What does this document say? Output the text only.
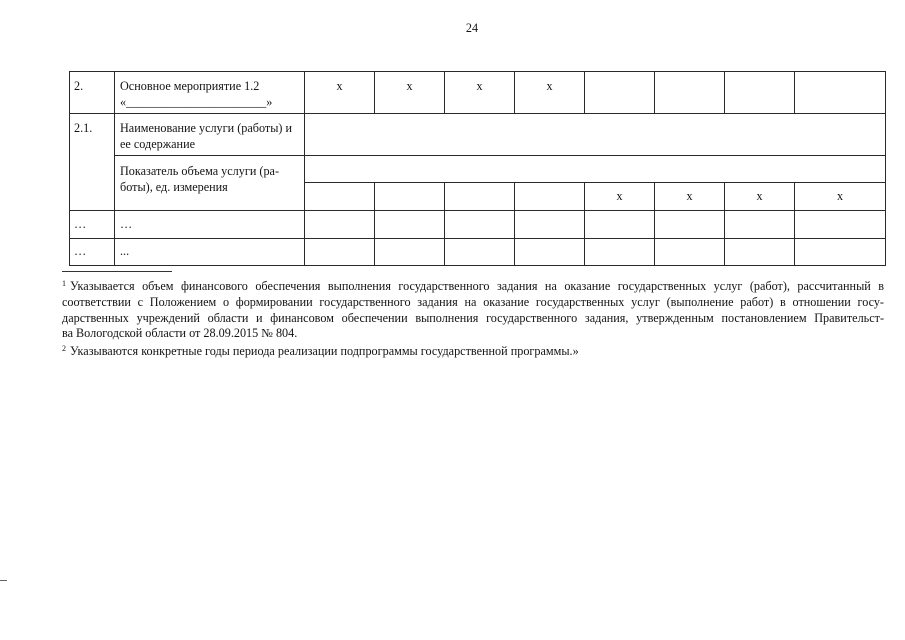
24
2.	Основное мероприятие 1.2
«_______________________»	x	x	x	x				
2.1.	Наименование услуги (работы) и
ее содержание								

	Показатель объема услуги (ра-
боты), ед. измерения								

						x	x	x	x
…	…								
…	...								
1 Указывается объем финансового обеспечения выполнения государственного задания на оказание государственных услуг (работ), рассчитанный в
соответствии с Положением о формировании государственного задания на оказание государственных услуг (выполнение работ) в отношении госу-
дарственных учреждений области и финансовом обеспечении выполнения государственного задания, утвержденным постановлением Правительст-
ва Вологодской области от 28.09.2015 № 804.
2 Указываются конкретные годы периода реализации подпрограммы государственной программы.»
